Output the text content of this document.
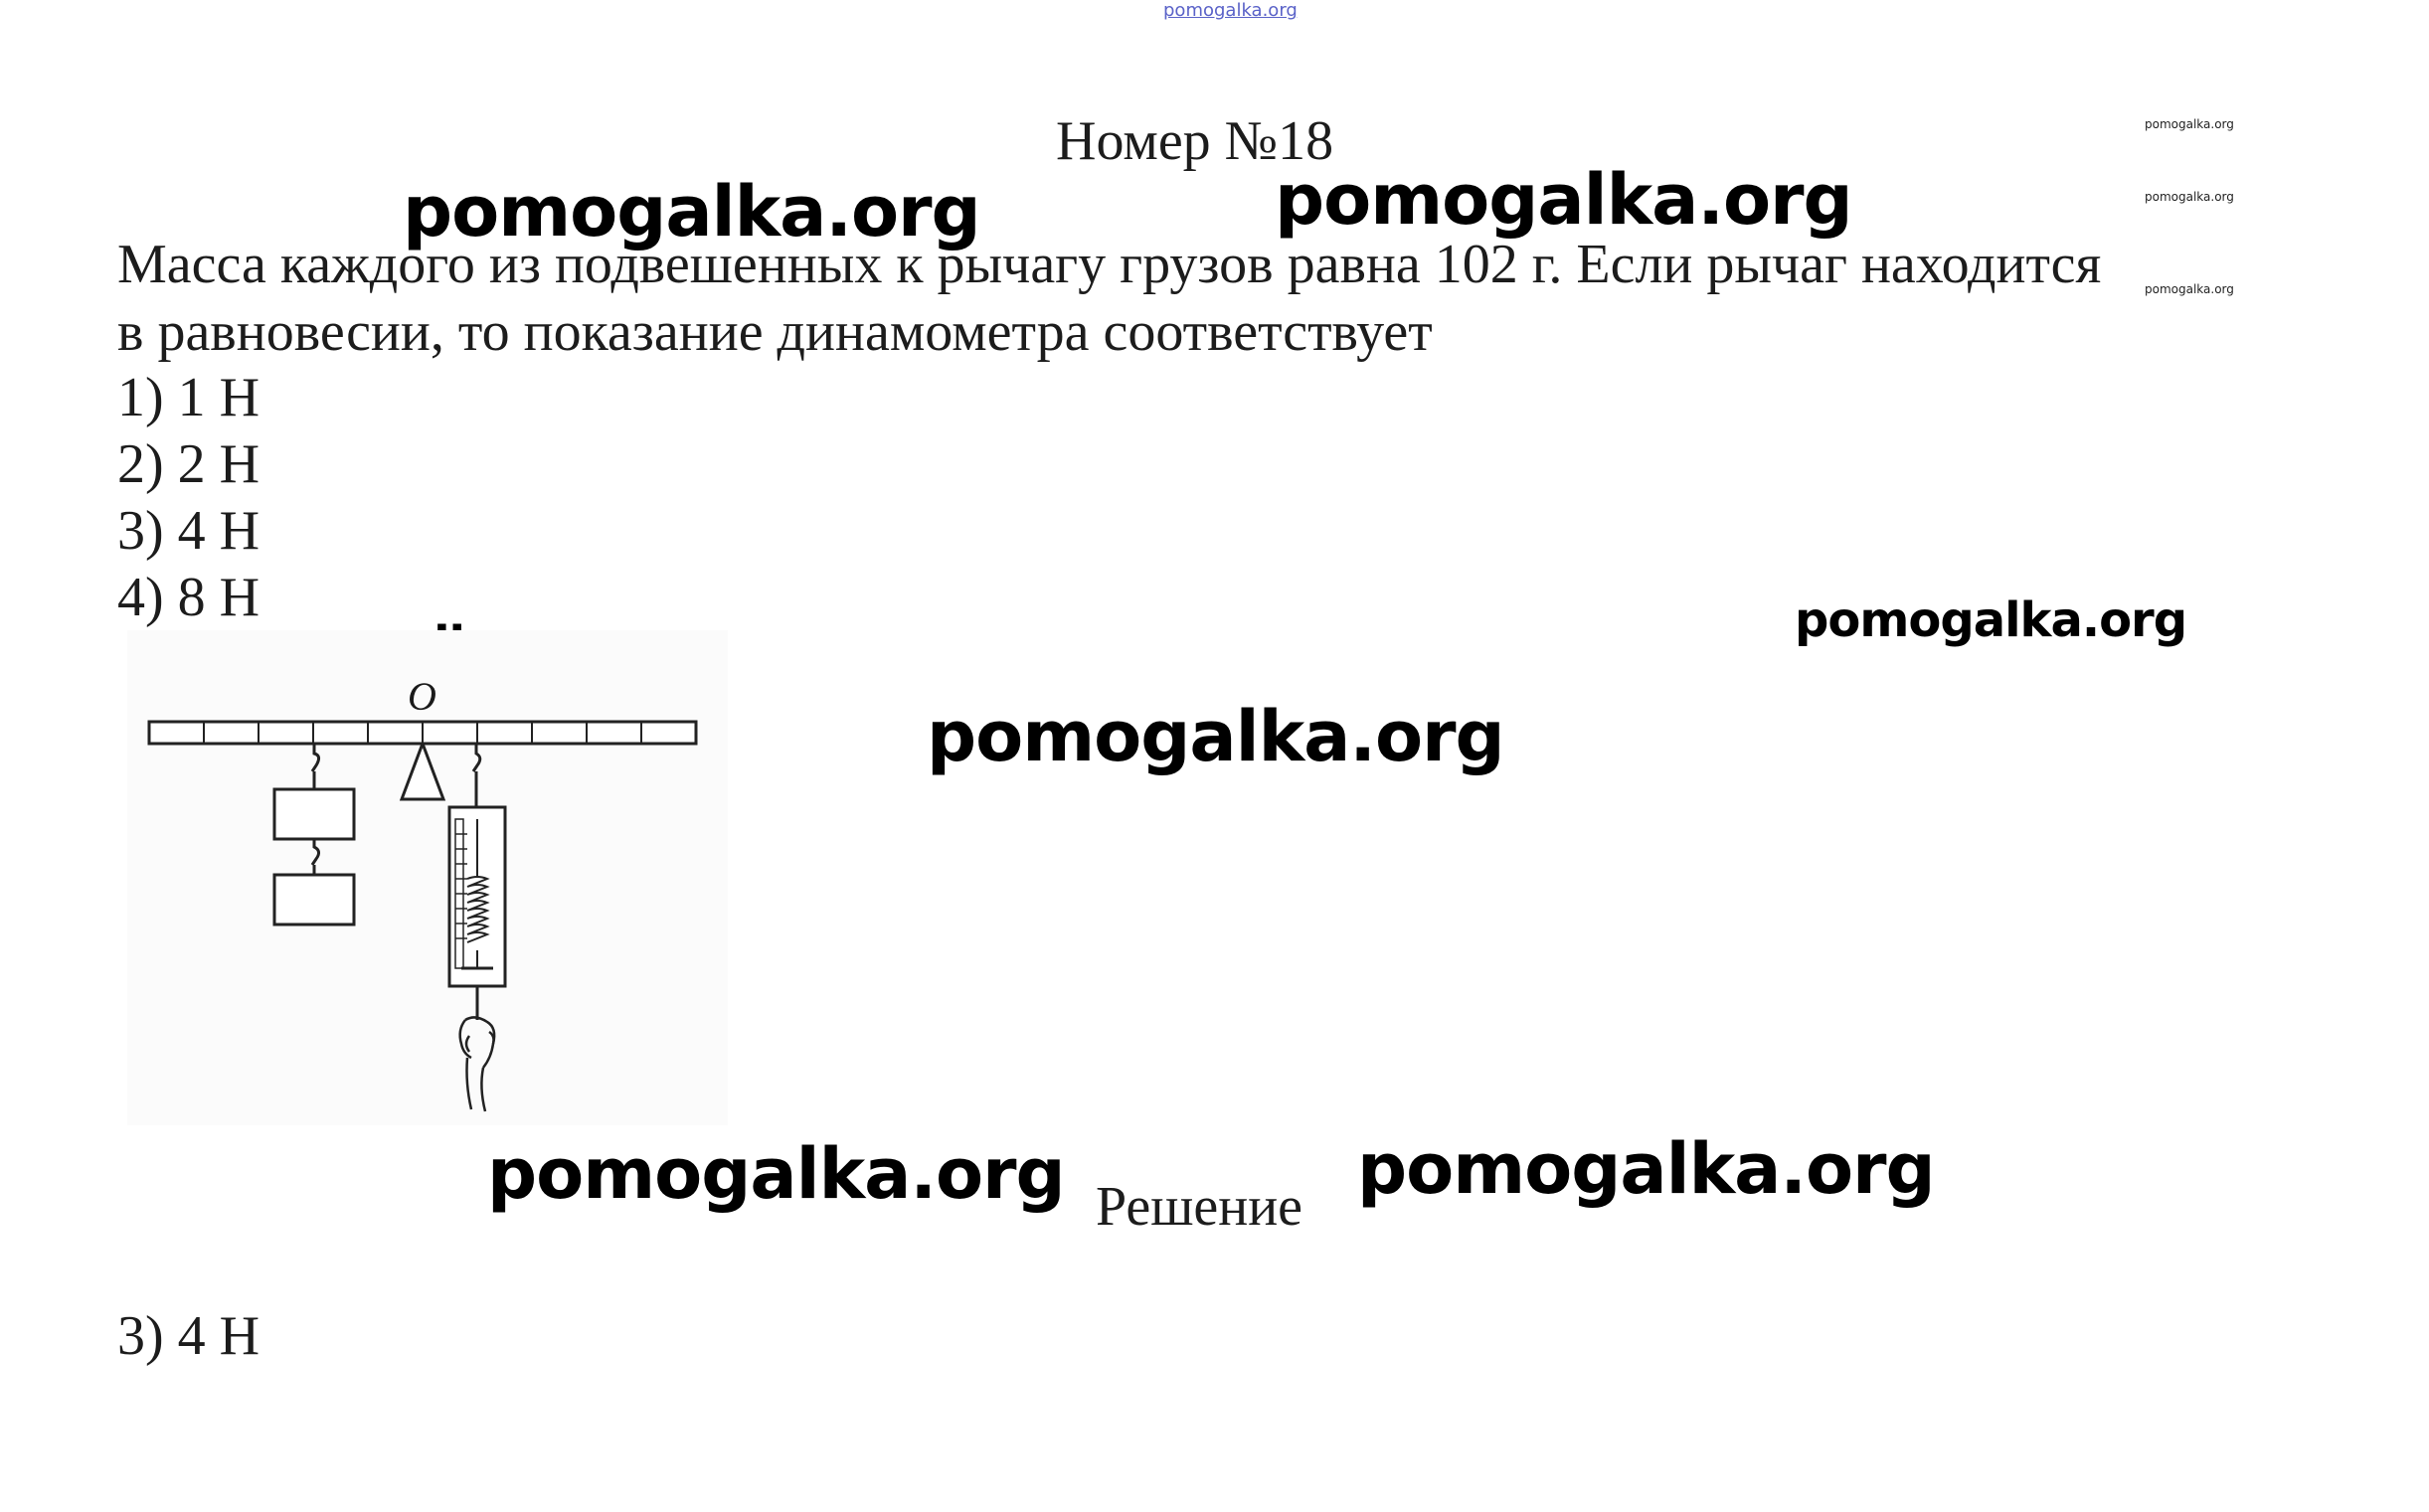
pomogalka.org
pomogalka.org
pomogalka.org
pomogalka.org
Номер №18
pomogalka.org	pomogalka.org
Масса каждого из подвешенных к рычагу грузов равна 102 г. Если рычаг находится
в равновесии, то показание динамометра соответствует
1) 1 Н
2) 2 Н
3) 4 Н
4) 8 Н	pomogalka.org
pomogalka.org
O
pomogalka.org Решение pomogalka.org
3) 4 Н
